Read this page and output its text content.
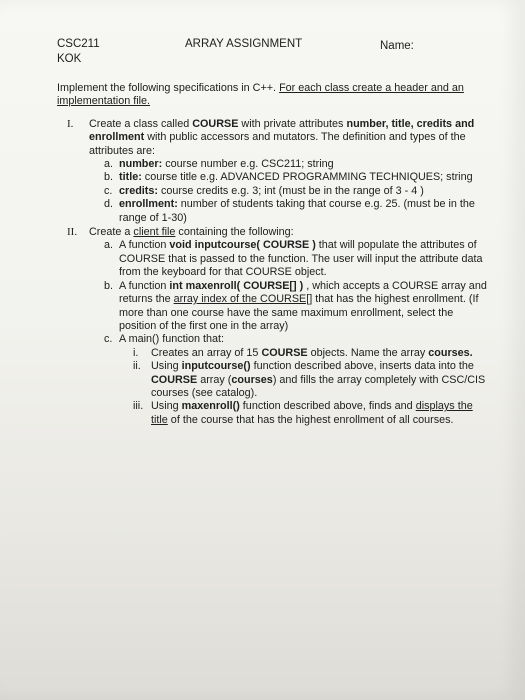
CSC211	ARRAY ASSIGNMENT	Name:
KOK

Implement the following specifications in C++. For each class create a header and an implementation file.

I.	Create a class called COURSE with private attributes number, title, credits and enrollment with public accessors and mutators. The definition and types of the attributes are:
a. number: course number e.g. CSC211; string
b. title: course title e.g. ADVANCED PROGRAMMING TECHNIQUES; string
c. credits: course credits e.g. 3; int (must be in the range of 3 - 4 )
d. enrollment: number of students taking that course e.g. 25. (must be in the range of 1-30)
II.	Create a client file containing the following:
a. A function void inputcourse( COURSE ) that will populate the attributes of COURSE that is passed to the function. The user will input the attribute data from the keyboard for that COURSE object.
b. A function int maxenroll( COURSE[] ) , which accepts a COURSE array and returns the array index of the COURSE[] that has the highest enrollment. (If more than one course have the same maximum enrollment, select the position of the first one in the array)
c. A main() function that:
i.	Creates an array of 15 COURSE objects. Name the array courses.
ii. Using inputcourse() function described above, inserts data into the COURSE array (courses) and fills the array completely with CSC/CIS courses (see catalog).
iii. Using maxenroll() function described above, finds and displays the title of the course that has the highest enrollment of all courses.
